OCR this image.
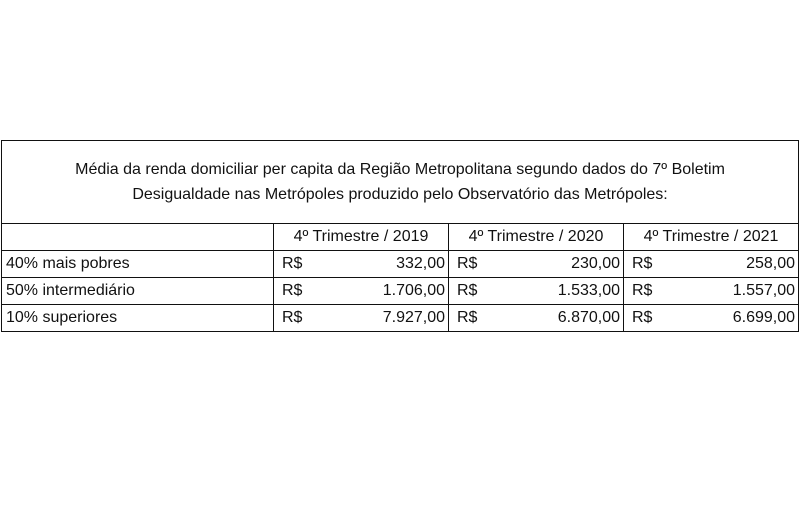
Média da renda domiciliar per capita da Região Metropolitana segundo dados do 7º Boletim
Desigualdade nas Metrópoles produzido pelo Observatório das Metrópoles:			

	4º Trimestre / 2019	4º Trimestre / 2020	4º Trimestre / 2021
40% mais pobres	R$ 332,00	R$ 230,00	R$ 258,00

50% intermediário	R$ 1.706,00	R$ 1.533,00	R$ 1.557,00

10% superiores	R$ 7.927,00	R$ 6.870,00	R$ 6.699,00
